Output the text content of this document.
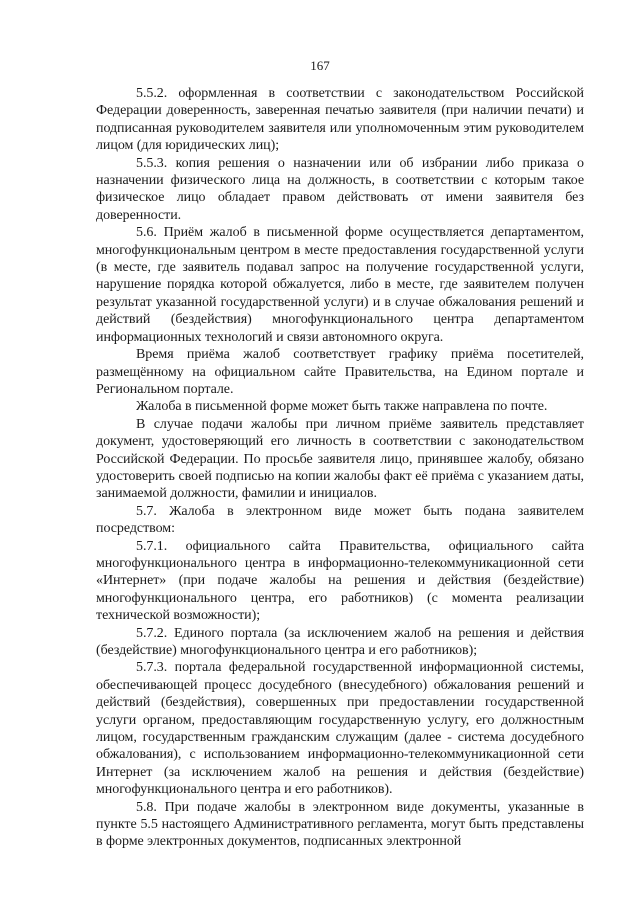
167

5.5.2. оформленная в соответствии с законодательством Российской Федерации доверенность, заверенная печатью заявителя (при наличии печати) и подписанная руководителем заявителя или уполномоченным этим руководителем лицом (для юридических лиц);

5.5.3. копия решения о назначении или об избрании либо приказа о назначении физического лица на должность, в соответствии с которым такое физическое лицо обладает правом действовать от имени заявителя без доверенности.

5.6. Приём жалоб в письменной форме осуществляется департаментом, многофункциональным центром в месте предоставления государственной услуги (в месте, где заявитель подавал запрос на получение государственной услуги, нарушение порядка которой обжалуется, либо в месте, где заявителем получен результат указанной государственной услуги) и в случае обжалования решений и действий (бездействия) многофункционального центра департаментом информационных технологий и связи автономного округа.

Время приёма жалоб соответствует графику приёма посетителей, размещённому на официальном сайте Правительства, на Едином портале и Региональном портале.

Жалоба в письменной форме может быть также направлена по почте.

В случае подачи жалобы при личном приёме заявитель представляет документ, удостоверяющий его личность в соответствии с законодательством Российской Федерации. По просьбе заявителя лицо, принявшее жалобу, обязано удостоверить своей подписью на копии жалобы факт её приёма с указанием даты, занимаемой должности, фамилии и инициалов.

5.7. Жалоба в электронном виде может быть подана заявителем посредством:

5.7.1. официального сайта Правительства, официального сайта многофункционального центра в информационно-телекоммуникационной сети «Интернет» (при подаче жалобы на решения и действия (бездействие) многофункционального центра, его работников) (с момента реализации технической возможности);

5.7.2. Единого портала (за исключением жалоб на решения и действия (бездействие) многофункционального центра и его работников);

5.7.3. портала федеральной государственной информационной системы, обеспечивающей процесс досудебного (внесудебного) обжалования решений и действий (бездействия), совершенных при предоставлении государственной услуги органом, предоставляющим государственную услугу, его должностным лицом, государственным гражданским служащим (далее - система досудебного обжалования), с использованием информационно-телекоммуникационной сети Интернет (за исключением жалоб на решения и действия (бездействие) многофункционального центра и его работников).

5.8. При подаче жалобы в электронном виде документы, указанные в пункте 5.5 настоящего Административного регламента, могут быть представлены в форме электронных документов, подписанных электронной
